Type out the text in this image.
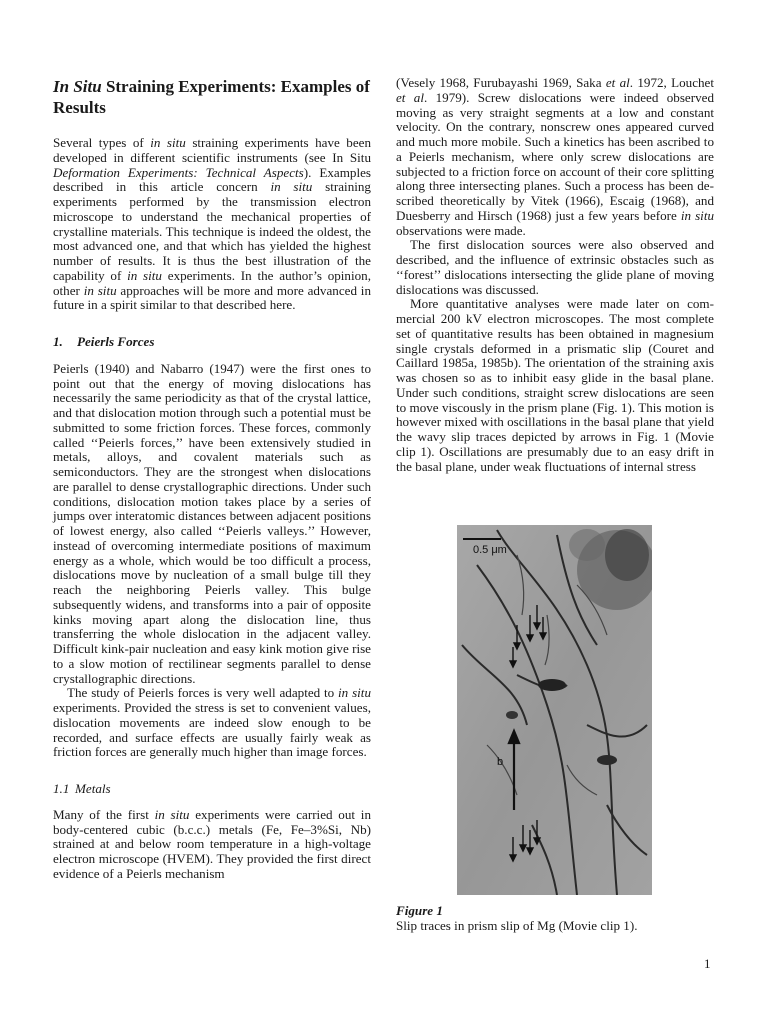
In Situ Straining Experiments: Examples of Results

Several types of in situ straining experiments have been developed in different scientific instruments (see In Situ Deformation Experiments: Technical Aspects). Examples described in this article concern in situ straining experiments performed by the transmission electron microscope to understand the mechanical properties of crystalline materials. This technique is indeed the oldest, the most advanced one, and that which has yielded the highest number of results. It is thus the best illustration of the capability of in situ experiments. In the author’s opinion, other in situ approaches will be more and more advanced in future in a spirit similar to that described here.

1. Peierls Forces

Peierls (1940) and Nabarro (1947) were the first ones to point out that the energy of moving dislocations has necessarily the same periodicity as that of the crystal lattice, and that dislocation motion through such a potential must be submitted to some friction forces. These forces, commonly called ‘‘Peierls forces,’’ have been extensively studied in metals, alloys, and covalent materials such as semiconductors. They are the strongest when dislocations are parallel to dense crystallographic directions. Under such conditions, dislocation motion takes place by a series of jumps over interatomic distances between adjacent positions of lowest energy, also called ‘‘Peierls valleys.’’ However, instead of overcoming intermediate positions of maximum energy as a whole, which would be too difficult a process, dislocations move by nucleation of a small bulge till they reach the neighboring Peierls valley. This bulge subsequently widens, and transforms into a pair of opposite kinks moving apart along the dislocation line, thus transferring the whole dislocation in the adjacent valley. Difficult kink-pair nucleation and easy kink motion give rise to a slow motion of rectilinear segments parallel to dense crystallographic directions.

The study of Peierls forces is very well adapted to in situ experiments. Provided the stress is set to convenient values, dislocation movements are indeed slow enough to be recorded, and surface effects are usually fairly weak as friction forces are generally much higher than image forces.

1.1 Metals

Many of the first in situ experiments were carried out in body-centered cubic (b.c.c.) metals (Fe, Fe–3%Si, Nb) strained at and below room temperature in a high-voltage electron microscope (HVEM). They provided the first direct evidence of a Peierls mechanism

(Vesely 1968, Furubayashi 1969, Saka et al. 1972, Louchet et al. 1979). Screw dislocations were indeed observed moving as very straight segments at a low and constant velocity. On the contrary, nonscrew ones appeared curved and much more mobile. Such a kinetics has been ascribed to a Peierls mechanism, where only screw dislocations are subjected to a friction force on account of their core splitting along three intersecting planes. Such a process has been described theoretically by Vitek (1966), Escaig (1968), and Duesberry and Hirsch (1968) just a few years before in situ observations were made.

The first dislocation sources were also observed and described, and the influence of extrinsic obstacles such as ‘‘forest’’ dislocations intersecting the glide plane of moving dislocations was discussed.

More quantitative analyses were made later on commercial 200 kV electron microscopes. The most complete set of quantitative results has been obtained in magnesium single crystals deformed in a prismatic slip (Couret and Caillard 1985a, 1985b). The orientation of the straining axis was chosen so as to inhibit easy glide in the basal plane. Under such conditions, straight screw dislocations are seen to move viscously in the prism plane (Fig. 1). This motion is however mixed with oscillations in the basal plane that yield the wavy slip traces depicted by arrows in Fig. 1 (Movie clip 1). Oscillations are presumably due to an easy drift in the basal plane, under weak fluctuations of internal stress

0.5 μm
b
Figure 1
Slip traces in prism slip of Mg (Movie clip 1).
1
